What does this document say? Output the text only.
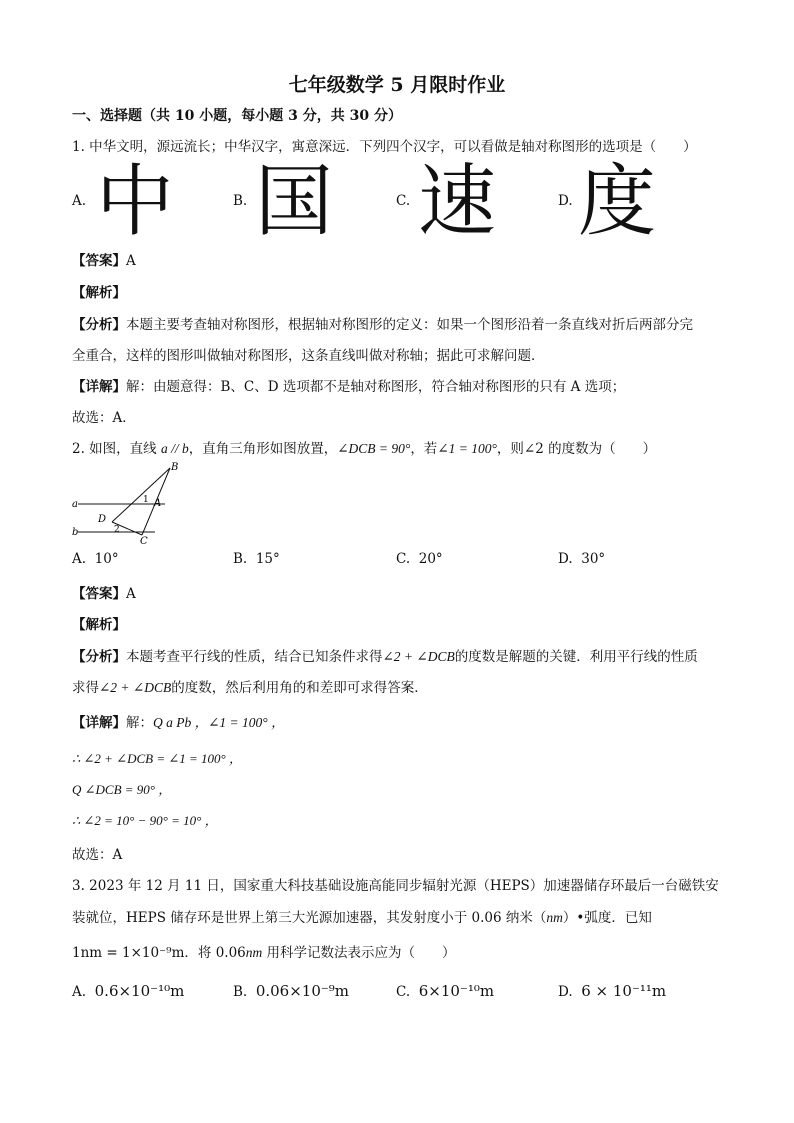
七年级数学 5 月限时作业
一、选择题（共 10 小题，每小题 3 分，共 30 分）
1. 中华文明，源远流长；中华汉字，寓意深远．下列四个汉字，可以看做是轴对称图形的选项是（　　）
A. 中	B. 国	C. 速	D. 度
【答案】A
【解析】
【分析】本题主要考查轴对称图形，根据轴对称图形的定义：如果一个图形沿着一条直线对折后两部分完
全重合，这样的图形叫做轴对称图形，这条直线叫做对称轴；据此可求解问题．
【详解】解：由题意得：B、C、D 选项都不是轴对称图形，符合轴对称图形的只有 A 选项；
故选：A．
2. 如图，直线 a // b，直角三角形如图放置，∠DCB = 90°，若∠1 = 100°，则∠2 的度数为（　　）
B
A
a
b
D
C
1
2
A. 10°	B. 15°	C. 20°	D. 30°
【答案】A
【解析】
【分析】本题考查平行线的性质，结合已知条件求得∠2 + ∠DCB的度数是解题的关键．利用平行线的性质
求得∠2 + ∠DCB的度数，然后利用角的和差即可求得答案．
【详解】解：Q a Pb ，∠1 = 100° ，
∴ ∠2 + ∠DCB = ∠1 = 100° ，
Q ∠DCB = 90° ，
∴ ∠2 = 10° − 90° = 10° ，
故选：A
3. 2023 年 12 月 11 日，国家重大科技基础设施高能同步辐射光源（HEPS）加速器储存环最后一台磁铁安
装就位，HEPS 储存环是世界上第三大光源加速器，其发射度小于 0.06 纳米（nm）•弧度．已知
1nm = 1×10⁻⁹m．将 0.06nm 用科学记数法表示应为（　　）
A. 0.6×10⁻¹⁰m	B. 0.06×10⁻⁹m	C. 6×10⁻¹⁰m	D. 6 × 10⁻¹¹m
